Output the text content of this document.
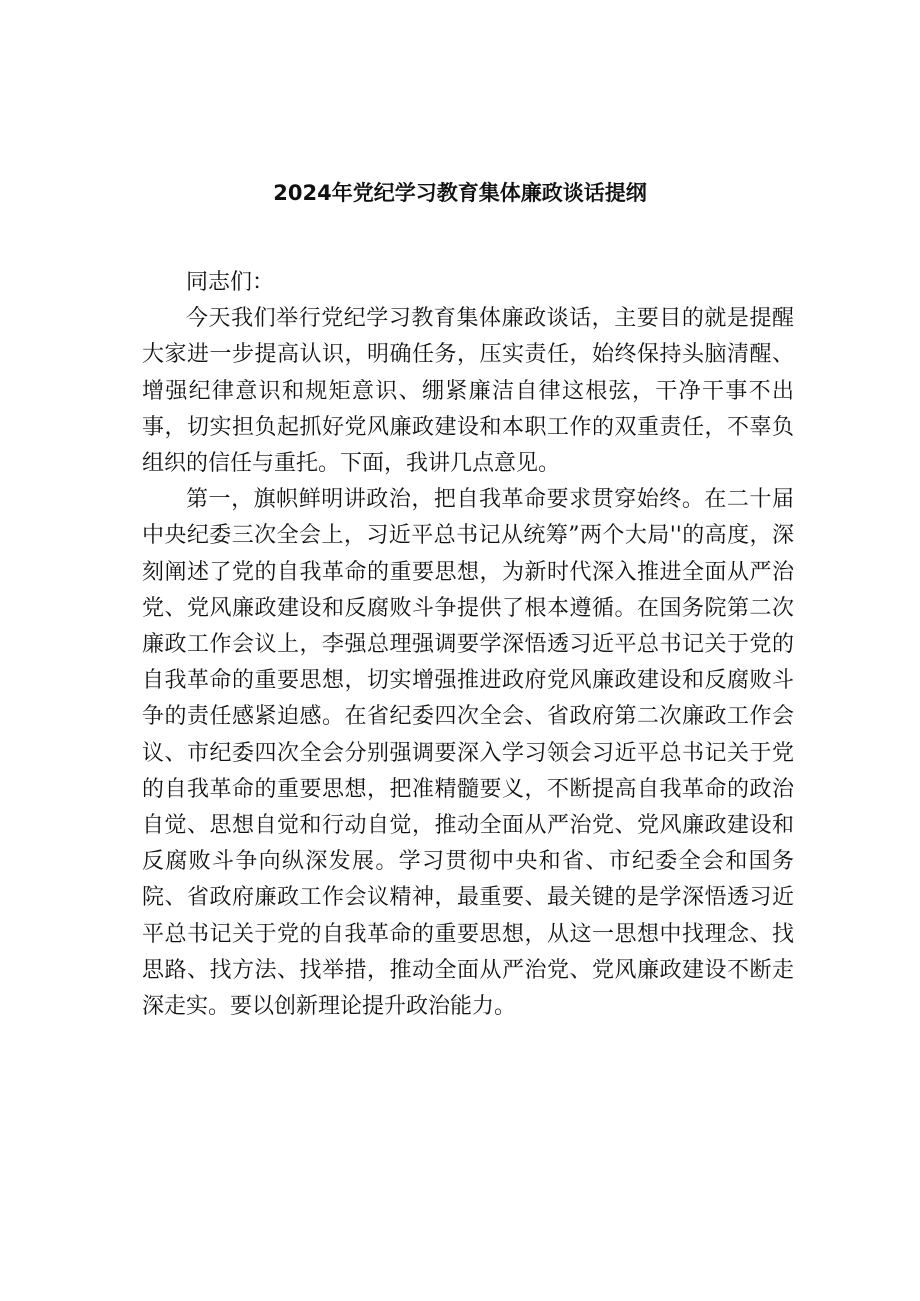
2024年党纪学习教育集体廉政谈话提纲

同志们：

今天我们举行党纪学习教育集体廉政谈话，主要目的就是提醒大家进一步提高认识，明确任务，压实责任，始终保持头脑清醒、增强纪律意识和规矩意识、绷紧廉洁自律这根弦，干净干事不出事，切实担负起抓好党风廉政建设和本职工作的双重责任，不辜负组织的信任与重托。下面，我讲几点意见。

第一，旗帜鲜明讲政治，把自我革命要求贯穿始终。在二十届中央纪委三次全会上，习近平总书记从统筹”两个大局''的高度，深刻阐述了党的自我革命的重要思想，为新时代深入推进全面从严治党、党风廉政建设和反腐败斗争提供了根本遵循。在国务院第二次廉政工作会议上，李强总理强调要学深悟透习近平总书记关于党的自我革命的重要思想，切实增强推进政府党风廉政建设和反腐败斗争的责任感紧迫感。在省纪委四次全会、省政府第二次廉政工作会议、市纪委四次全会分别强调要深入学习领会习近平总书记关于党的自我革命的重要思想，把准精髓要义，不断提高自我革命的政治自觉、思想自觉和行动自觉，推动全面从严治党、党风廉政建设和反腐败斗争向纵深发展。学习贯彻中央和省、市纪委全会和国务院、省政府廉政工作会议精神，最重要、最关键的是学深悟透习近平总书记关于党的自我革命的重要思想，从这一思想中找理念、找思路、找方法、找举措，推动全面从严治党、党风廉政建设不断走深走实。要以创新理论提升政治能力。
